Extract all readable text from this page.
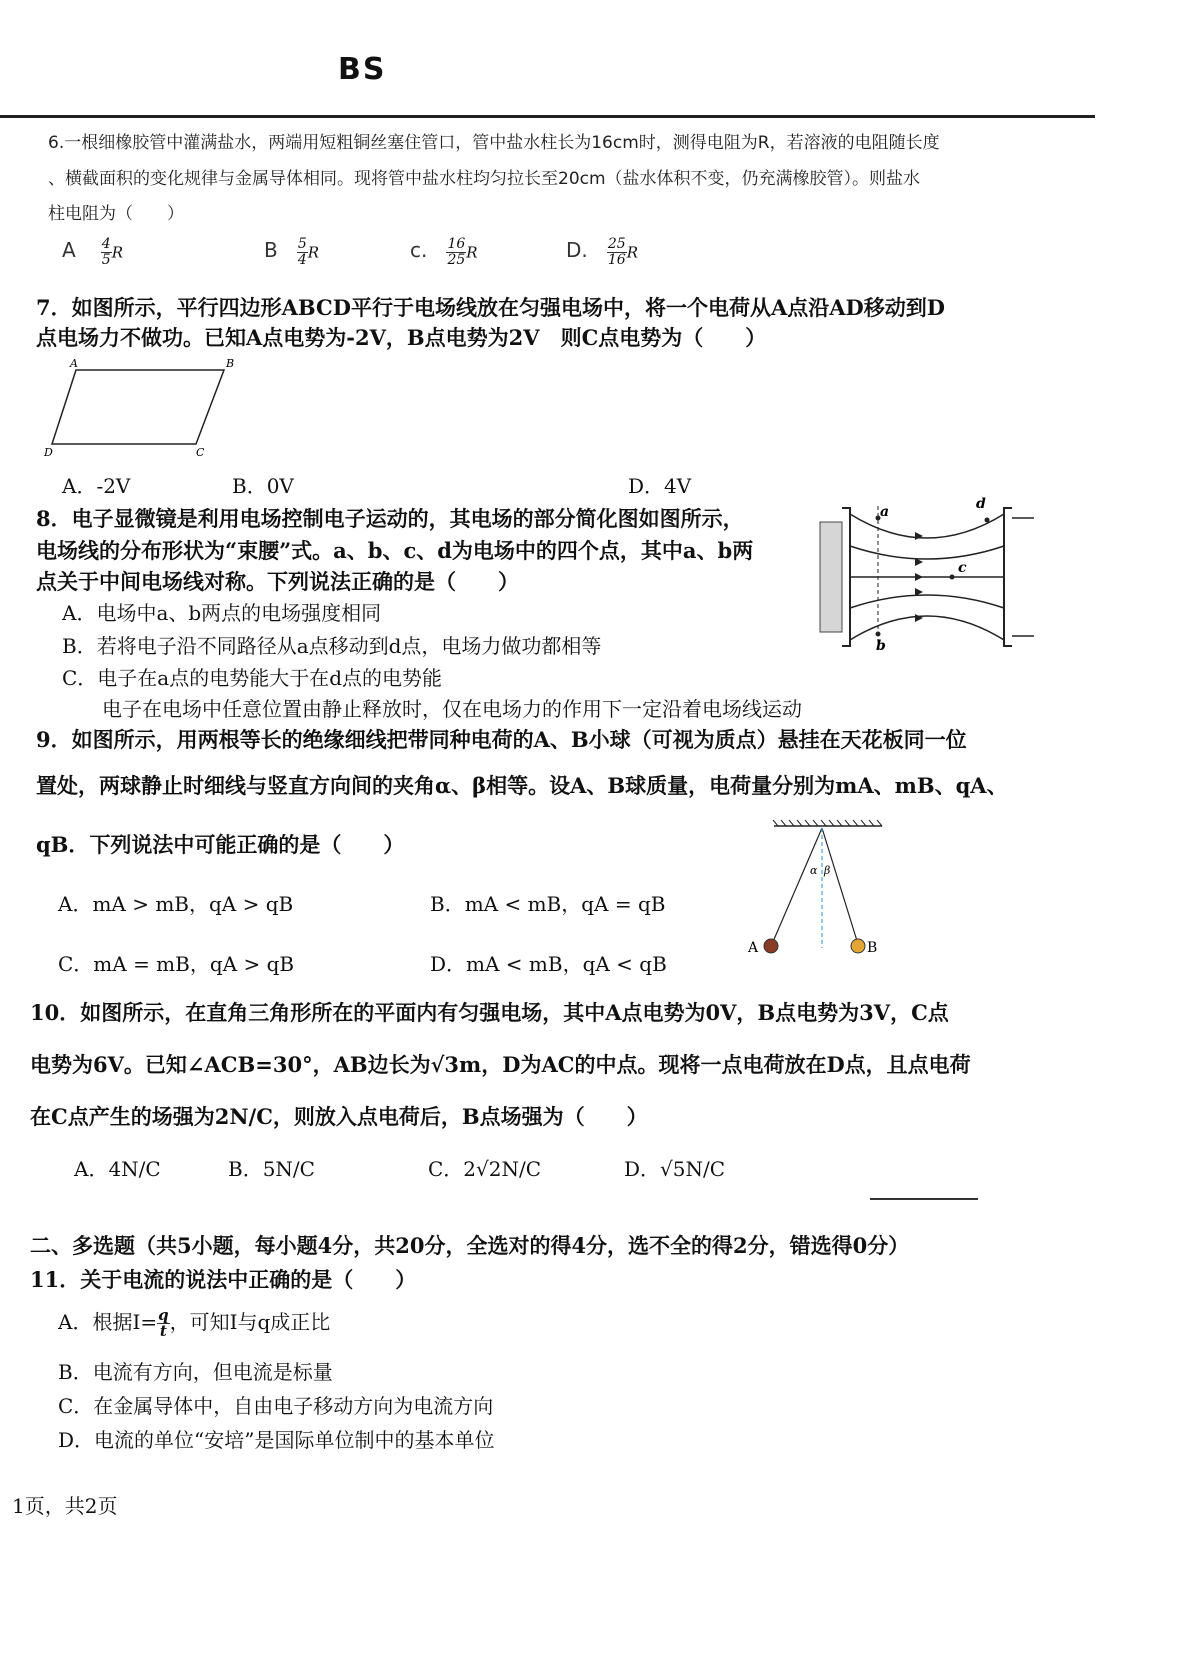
BS
6.一根细橡胶管中灌满盐水，两端用短粗铜丝塞住管口，管中盐水柱长为16cm时，测得电阻为R，若溶液的电阻随长度
、横截面积的变化规律与金属导体相同。现将管中盐水柱均匀拉长至20cm（盐水体积不变，仍充满橡胶管）。则盐水
柱电阻为（　　）
A $\frac{4}{5}$ R	B $\frac{5}{4}$ R	c. $\frac{16}{25}$ R	D. $\frac{25}{16}$ R
7．如图所示，平行四边形ABCD平行于电场线放在匀强电场中，将一个电荷从A点沿AD移动到D
点电场力不做功。已知A点电势为-2V，B点电势为2V　则C点电势为（　　）
A	B
C
D
A．-2V	B．0V	D．4V
8．电子显微镜是利用电场控制电子运动的，其电场的部分简化图如图所示，
电场线的分布形状为“束腰”式。a、b、c、d为电场中的四个点，其中a、b两
点关于中间电场线对称。下列说法正确的是（　　）
A．电场中a、b两点的电场强度相同
B．若将电子沿不同路径从a点移动到d点，电场力做功都相等
C．电子在a点的电势能大于在d点的电势能
电子在电场中任意位置由静止释放时，仅在电场力的作用下一定沿着电场线运动
a
b
c
d
9．如图所示，用两根等长的绝缘细线把带同种电荷的A、B小球（可视为质点）悬挂在天花板同一位
置处，两球静止时细线与竖直方向间的夹角α、β相等。设A、B球质量，电荷量分别为mA、mB、qA、
qB．下列说法中可能正确的是（　　）
A．mA > mB，qA > qB	B．mA < mB，qA = qB
C．mA = mB，qA > qB	D．mA < mB，qA < qB
A	B
α β
10．如图所示，在直角三角形所在的平面内有匀强电场，其中A点电势为0V，B点电势为3V，C点
电势为6V。已知∠ACB=30°，AB边长为√3m，D为AC的中点。现将一点电荷放在D点，且点电荷
在C点产生的场强为2N/C，则放入点电荷后，B点场强为（　　）
A．4N/C	B．5N/C	C．2√2N/C	D．√5N/C
二、多选题（共5小题，每小题4分，共20分，全选对的得4分，选不全的得2分，错选得0分）
11．关于电流的说法中正确的是（　　）
A．根据$I= \frac{q}{t}$ ，可知I与q成正比
B．电流有方向，但电流是标量
C．在金属导体中，自由电子移动方向为电流方向
D．电流的单位“安培”是国际单位制中的基本单位
1页，共2页
